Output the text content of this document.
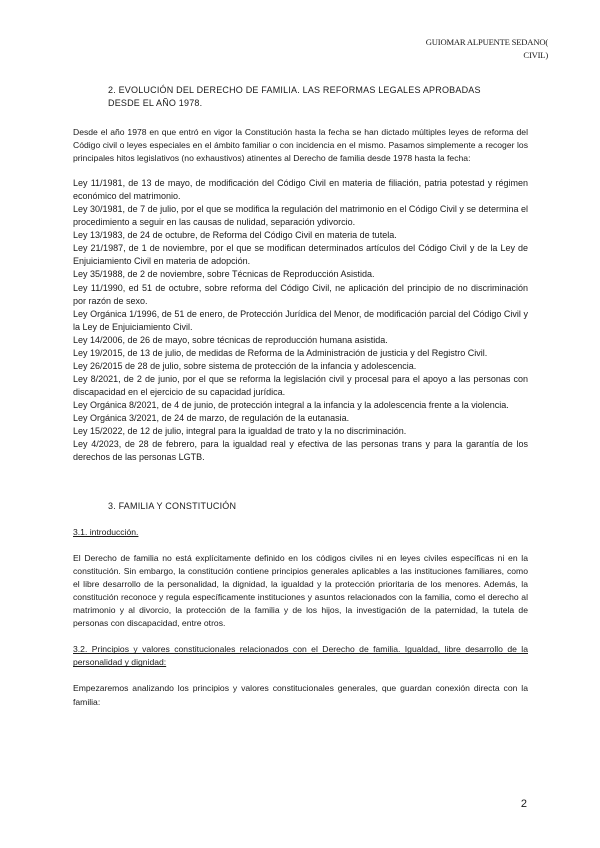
GUIOMAR ALPUENTE SEDANO(
CIVIL)
2. EVOLUCIÓN DEL DERECHO DE FAMILIA. LAS REFORMAS LEGALES APROBADAS
DESDE EL AÑO 1978.

Desde el año 1978 en que entró en vigor la Constitución hasta la fecha se han dictado múltiples leyes de reforma del Código civil o leyes especiales en el ámbito familiar o con incidencia en el mismo. Pasamos simplemente a recoger los principales hitos legislativos (no exhaustivos) atinentes al Derecho de familia desde 1978 hasta la fecha:

Ley 11/1981, de 13 de mayo, de modificación del Código Civil en materia de filiación, patria potestad y régimen económico del matrimonio.
Ley 30/1981, de 7 de julio, por el que se modifica la regulación del matrimonio en el Código Civil y se determina el procedimiento a seguir en las causas de nulidad, separación ydivorcio.
Ley 13/1983, de 24 de octubre, de Reforma del Código Civil en materia de tutela.
Ley 21/1987, de 1 de noviembre, por el que se modifican determinados artículos del Código Civil y de la Ley de Enjuiciamiento Civil en materia de adopción.
Ley 35/1988, de 2 de noviembre, sobre Técnicas de Reproducción Asistida.
Ley 11/1990, ed 51 de octubre, sobre reforma del Código Civil, ne aplicación del principio de no discriminación por razón de sexo.
Ley Orgánica 1/1996, de 51 de enero, de Protección Jurídica del Menor, de modificación parcial del Código Civil y la Ley de Enjuiciamiento Civil.
Ley 14/2006, de 26 de mayo, sobre técnicas de reproducción humana asistida.
Ley 19/2015, de 13 de julio, de medidas de Reforma de la Administración de justicia y del Registro Civil.
Ley 26/2015 de 28 de julio, sobre sistema de protección de la infancia y adolescencia.
Ley 8/2021, de 2 de junio, por el que se reforma la legislación civil y procesal para el apoyo a las personas con discapacidad en el ejercicio de su capacidad jurídica.
Ley Orgánica 8/2021, de 4 de junio, de protección integral a la infancia y la adolescencia frente a la violencia.
Ley Orgánica 3/2021, de 24 de marzo, de regulación de la eutanasia.
Ley 15/2022, de 12 de julio, integral para la igualdad de trato y la no discriminación.
Ley 4/2023, de 28 de febrero, para la igualdad real y efectiva de las personas trans y para la garantía de los derechos de las personas LGTB.
3. FAMILIA Y CONSTITUCIÓN

3.1. introducción.

El Derecho de familia no está explícitamente definido en los códigos civiles ni en leyes civiles específicas ni en la constitución. Sin embargo, la constitución contiene principios generales aplicables a las instituciones familiares, como el libre desarrollo de la personalidad, la dignidad, la igualdad y la protección prioritaria de los menores. Además, la constitución reconoce y regula específicamente instituciones y asuntos relacionados con la familia, como el derecho al matrimonio y al divorcio, la protección de la familia y de los hijos, la investigación de la paternidad, la tutela de personas con discapacidad, entre otros.

3.2. Principios y valores constitucionales relacionados con el Derecho de familia. Igualdad, libre desarrollo de la personalidad y dignidad:

Empezaremos analizando los principios y valores constitucionales generales, que guardan conexión directa con la familia:

2
